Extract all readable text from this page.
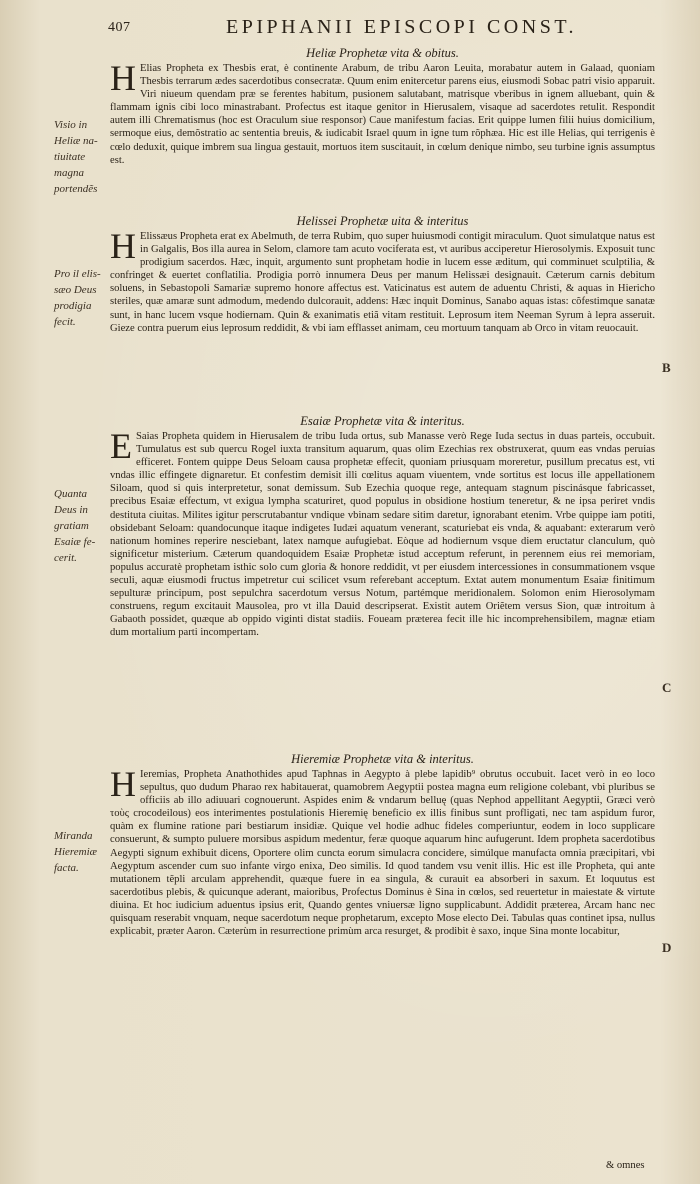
407	EPIPHANII EPISCOPI CONST.
Heliæ Prophetæ vita & obitus.
H Elias Propheta ex Thesbis erat, è continente Arabum, de tribu Aaron Leuita, morabatur autem in Galaad, quoniam Thesbis terrarum ædes sacerdotibus consecratæ. Quum enim enitercetur parens eius, eiusmodi Sobac patri visio apparuit. Viri niueum quendam præ se ferentes habitum, pusionem salutabant, matrisque vberibus in ignem alluebant, quin & flammam ignis cibi loco minastrabant. Profectus est itaque genitor in Hierusalem, visaque ad sacerdotes retulit. Respondit autem illi Chrematismus (hoc est Oraculum siue responsor) Caue manifestum facias. Erit quippe lumen filii huius domicilium, sermoque eius, demõstratio ac sententia breuis, & iudicabit Israel quum in igne tum rõphæa. Hic est ille Helias, qui terrigenis è cœlo deduxit, quique imbrem sua lingua gestauit, mortuos item suscitauit, in cœlum denique nimbo, seu turbine ignis assumptus est.
Visio in
Heliæ na-
tiuitate
magna
portendẽs
Helissei Prophetæ uita & interitus
H Elissæus Propheta erat ex Abelmuth, de terra Rubim, quo super huiusmodi contigit miraculum. Quot simulatque natus est in Galgalis, Bos illa aurea in Selom, clamore tam acuto vociferata est, vt auribus acciperetur Hierosolymis. Exposuit tunc prodigium sacerdos. Hæc, inquit, argumento sunt prophetam hodie in lucem esse æditum, qui comminuet sculptilia, & confringet & euertet conflatilia. Prodigia porrò innumera Deus per manum Helissæi designauit. Cæterum carnis debitum soluens, in Sebastopoli Samariæ supremo honore affectus est. Vaticinatus est autem de aduentu Christi, & aquas in Hiericho steriles, quæ amaræ sunt admodum, medendo dulcorauit, addens: Hæc inquit Dominus, Sanabo aquas istas: cõfestimque sanatæ sunt, in hanc lucem vsque hodiernam. Quin & exanimatis etiã vitam restituit. Leprosum item Neeman Syrum à lepra asseruit. Gieze contra puerum eius leprosum reddidit, & vbi iam efflasset animam, ceu mortuum tanquam ab Orco in vitam reuocauit.
Pro il elis-
sæo Deus
prodigia
fecit.
Esaiæ Prophetæ vita & interitus.
E Saias Propheta quidem in Hierusalem de tribu Iuda ortus, sub Manasse verò Rege Iuda sectus in duas parteis, occubuit. Tumulatus est sub quercu Rogel iuxta transitum aquarum, quas olim Ezechias rex obstruxerat, quum eas vndas peruias efficeret. Fontem quippe Deus Seloam causa prophetæ effecit, quoniam priusquam moreretur, pusillum precatus est, vti vndas illic effingete dignaretur. Et confestim demisit illi cœlitus aquam viuentem, vnde sortitus est locus ille appellationem Siloam, quod si quis interpretetur, sonat demissum. Sub Ezechia quoque rege, antequam stagnum piscinásque fabricasset, precibus Esaiæ effectum, vt exigua lympha scaturiret, quod populus in obsidione hostium teneretur, & ne ipsa periret vndis destituta ciuitas. Milites igitur perscrutabantur vndique vbinam sedare sitim daretur, ignorabant etenim. Vrbe quippe iam potiti, obsidebant Seloam: quandocunque itaque indigetes Iudæi aquatum venerant, scaturiebat eis vnda, & aquabant: exterarum verò nationum homines reperire nesciebant, latex namque aufugiebat. Eòque ad hodiernum vsque diem eructatur clanculum, quò significetur misterium. Cæterum quandoquidem Esaiæ Prophetæ istud acceptum referunt, in perennem eius rei memoriam, populus accuratè prophetam isthic solo cum gloria & honore reddidit, vt per eiusdem intercessiones in consummationem vsque seculi, aquæ eiusmodi fructus impetretur cui scilicet vsum referebant acceptum. Extat autem monumentum Esaiæ finitimum sepulturæ principum, post sepulchra sacerdotum versus Notum, partémque meridionalem. Solomon enim Hierosolymam construens, regum excitauit Mausolea, pro vt illa Dauid descripserat. Existit autem Oriẽtem versus Sion, quæ introitum à Gabaoth possidet, quæque ab oppido viginti distat stadiis. Foueam præterea fecit ille hic incomprehensibilem, magnæ etiam dum mortalium parti incompertam.
Quanta
Deus in
gratiam
Esaiæ fe-
cerit.
Hieremiæ Prophetæ vita & interitus.
H Ieremias, Propheta Anathothides apud Taphnas in Aegypto à plebe lapidib⁹ obrutus occubuit. Iacet verò in eo loco sepultus, quo dudum Pharao rex habitauerat, quamobrem Aegyptii postea magna eum religione colebant, vbi pluribus se officiis ab illo adiuuari cognouerunt. Aspides enim & vndarum belluę (quas Nephod appellitant Aegyptii, Græci verò τοὺς crocodeilous) eos interimentes postulationis Hieremię beneficio ex illis finibus sunt profligati, nec tam aspidum furor, quàm ex flumine ratione pari bestiarum insidiæ. Quique vel hodie adhuc fideles comperiuntur, eodem in loco supplicare consuerunt, & sumpto puluere morsibus aspidum medentur, feræ quoque aquarum hinc aufugerunt. Idem propheta sacerdotibus Aegypti signum exhibuit dicens, Oportere olim cuncta eorum simulacra concidere, simúlque manufacta omnia præcipitari, vbi Aegyptum ascender cum suo infante virgo enixa, Deo similis. Id quod tandem vsu venit illis. Hic est ille Propheta, qui ante mutationem tẽpli arculam apprehendit, quæque fuere in ea singula, & curauit ea absorberi in saxum. Et loquutus est sacerdotibus plebis, & quicunque aderant, maioribus, Profectus Dominus è Sina in cœlos, sed reuertetur in maiestate & virtute diuina. Et hoc iudicium aduentus ipsius erit, Quando gentes vniuersæ ligno supplicabunt. Addidit præterea, Arcam hanc nec quisquam reserabit vnquam, neque sacerdotum neque prophetarum, excepto Mose electo Dei. Tabulas quas continet ipsa, nullus explicabit, præter Aaron. Cæterùm in resurrectione primùm arca resurget, & prodibit è saxo, inque Sina monte locabitur,
Miranda
Hieremiæ
facta.
B
C
D
& omnes
